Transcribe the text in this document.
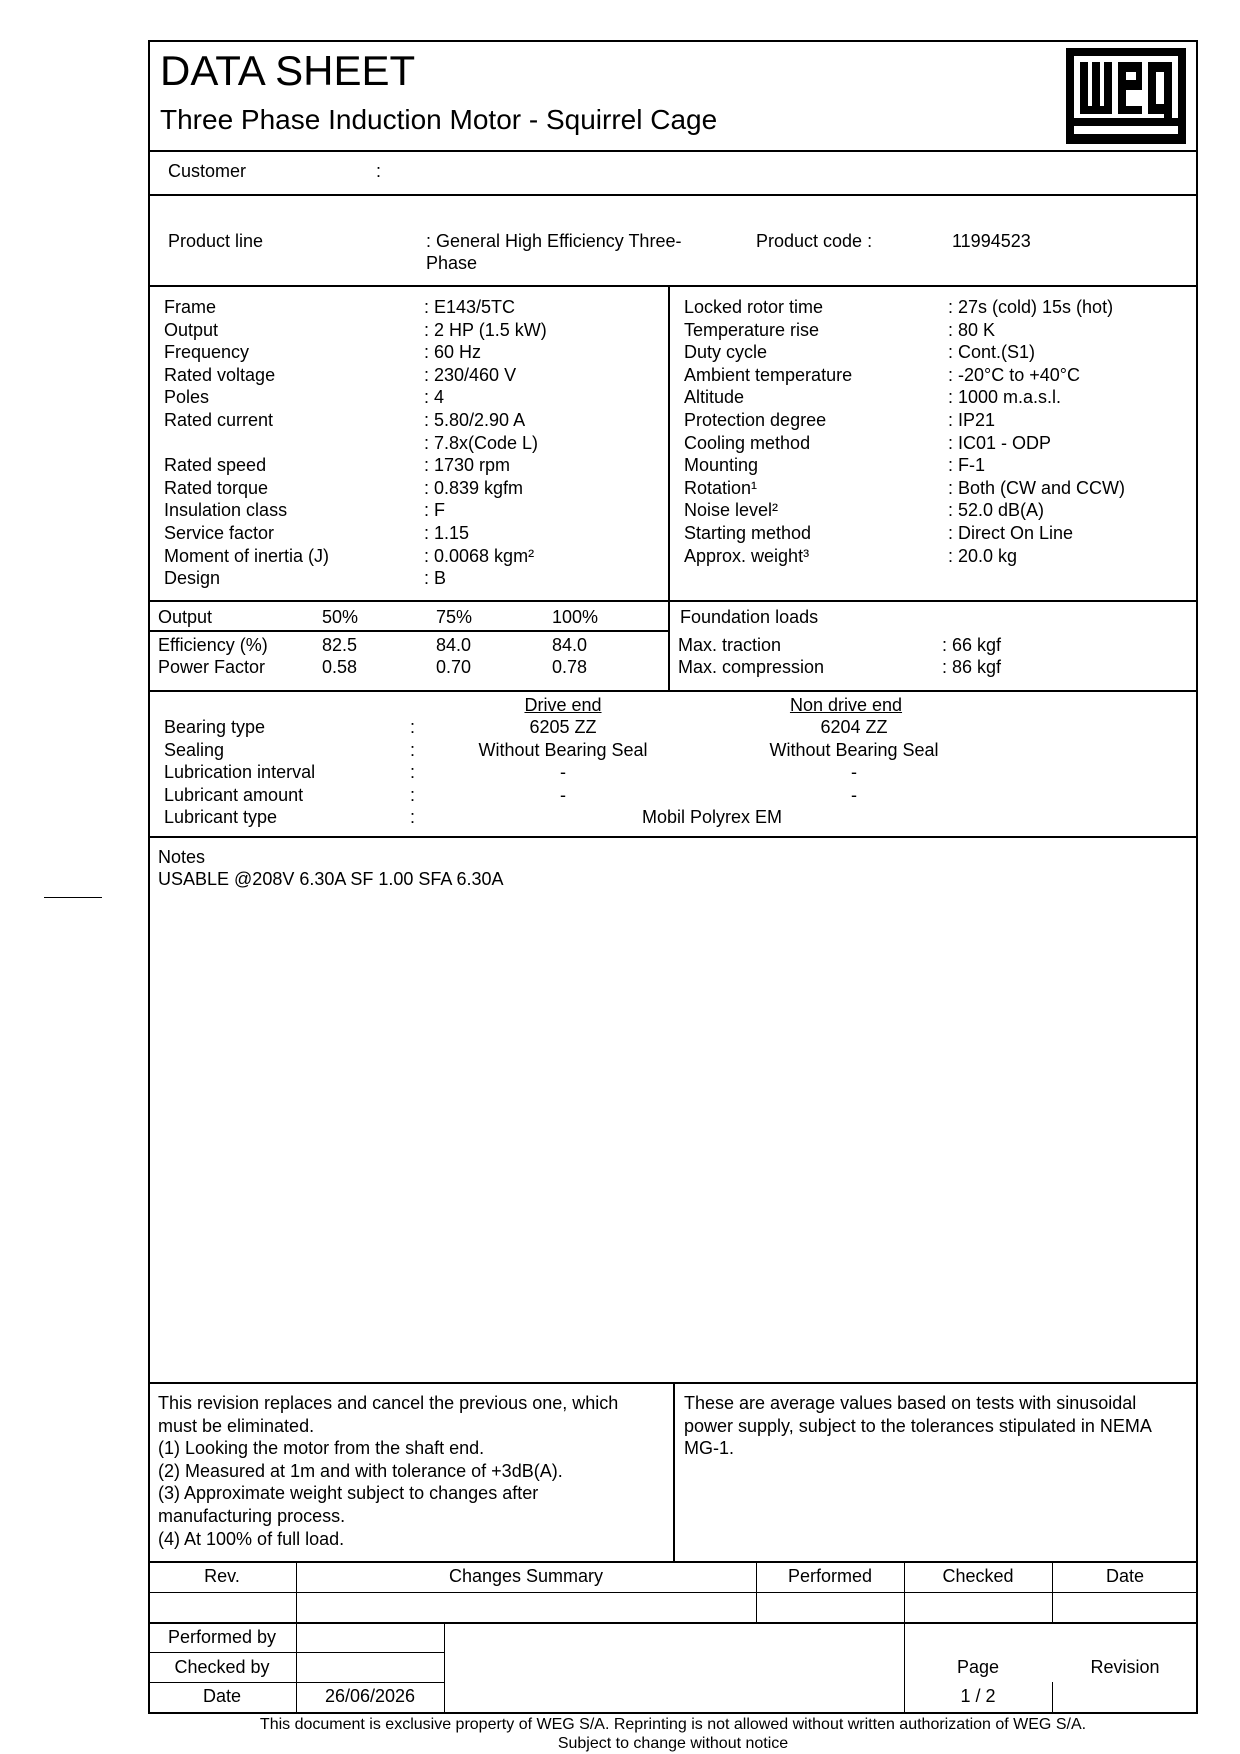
DATA SHEET
Three Phase Induction Motor - Squirrel Cage
Customer	:
Product line	: General High Efficiency Three-
Phase
Product code :	11994523
Frame	: E143/5TC
Output	: 2 HP (1.5 kW)
Frequency	: 60 Hz
Rated voltage	: 230/460 V
Poles	: 4
Rated current	: 5.80/2.90 A
: 7.8x(Code L)
Rated speed	: 1730 rpm
Rated torque	: 0.839 kgfm
Insulation class	: F
Service factor	: 1.15
Moment of inertia (J)	: 0.0068 kgm²
Design	: B
Locked rotor time	: 27s (cold) 15s (hot)
Temperature rise	: 80 K
Duty cycle	: Cont.(S1)
Ambient temperature	: -20°C to +40°C
Altitude	: 1000 m.a.s.l.
Protection degree	: IP21
Cooling method	: IC01 - ODP
Mounting	: F-1
Rotation¹	: Both (CW and CCW)
Noise level²	: 52.0 dB(A)
Starting method	: Direct On Line
Approx. weight³	: 20.0 kg
Output	50%	75%	100%
Efficiency (%)	82.5	84.0	84.0
Power Factor	0.58	0.70	0.78
Foundation loads
Max. traction	: 66 kgf
Max. compression	: 86 kgf
Drive end	Non drive end
Bearing type	:	6205 ZZ	6204 ZZ
Sealing	:	Without Bearing Seal	Without Bearing Seal
Lubrication interval	:	-	-
Lubricant amount	:	-	-
Lubricant type	:	Mobil Polyrex EM
Notes
USABLE @208V 6.30A SF 1.00 SFA 6.30A
This revision replaces and cancel the previous one, which
must be eliminated.
(1) Looking the motor from the shaft end.
(2) Measured at 1m and with tolerance of +3dB(A).
(3) Approximate weight subject to changes after
manufacturing process.
(4) At 100% of full load.
These are average values based on tests with sinusoidal
power supply, subject to the tolerances stipulated in NEMA
MG-1.
Rev.	Changes Summary	Performed	Checked	Date
Performed by
Checked by
Date	26/06/2026
Page
1 / 2
Revision
This document is exclusive property of WEG S/A. Reprinting is not allowed without written authorization of WEG S/A.
Subject to change without notice
